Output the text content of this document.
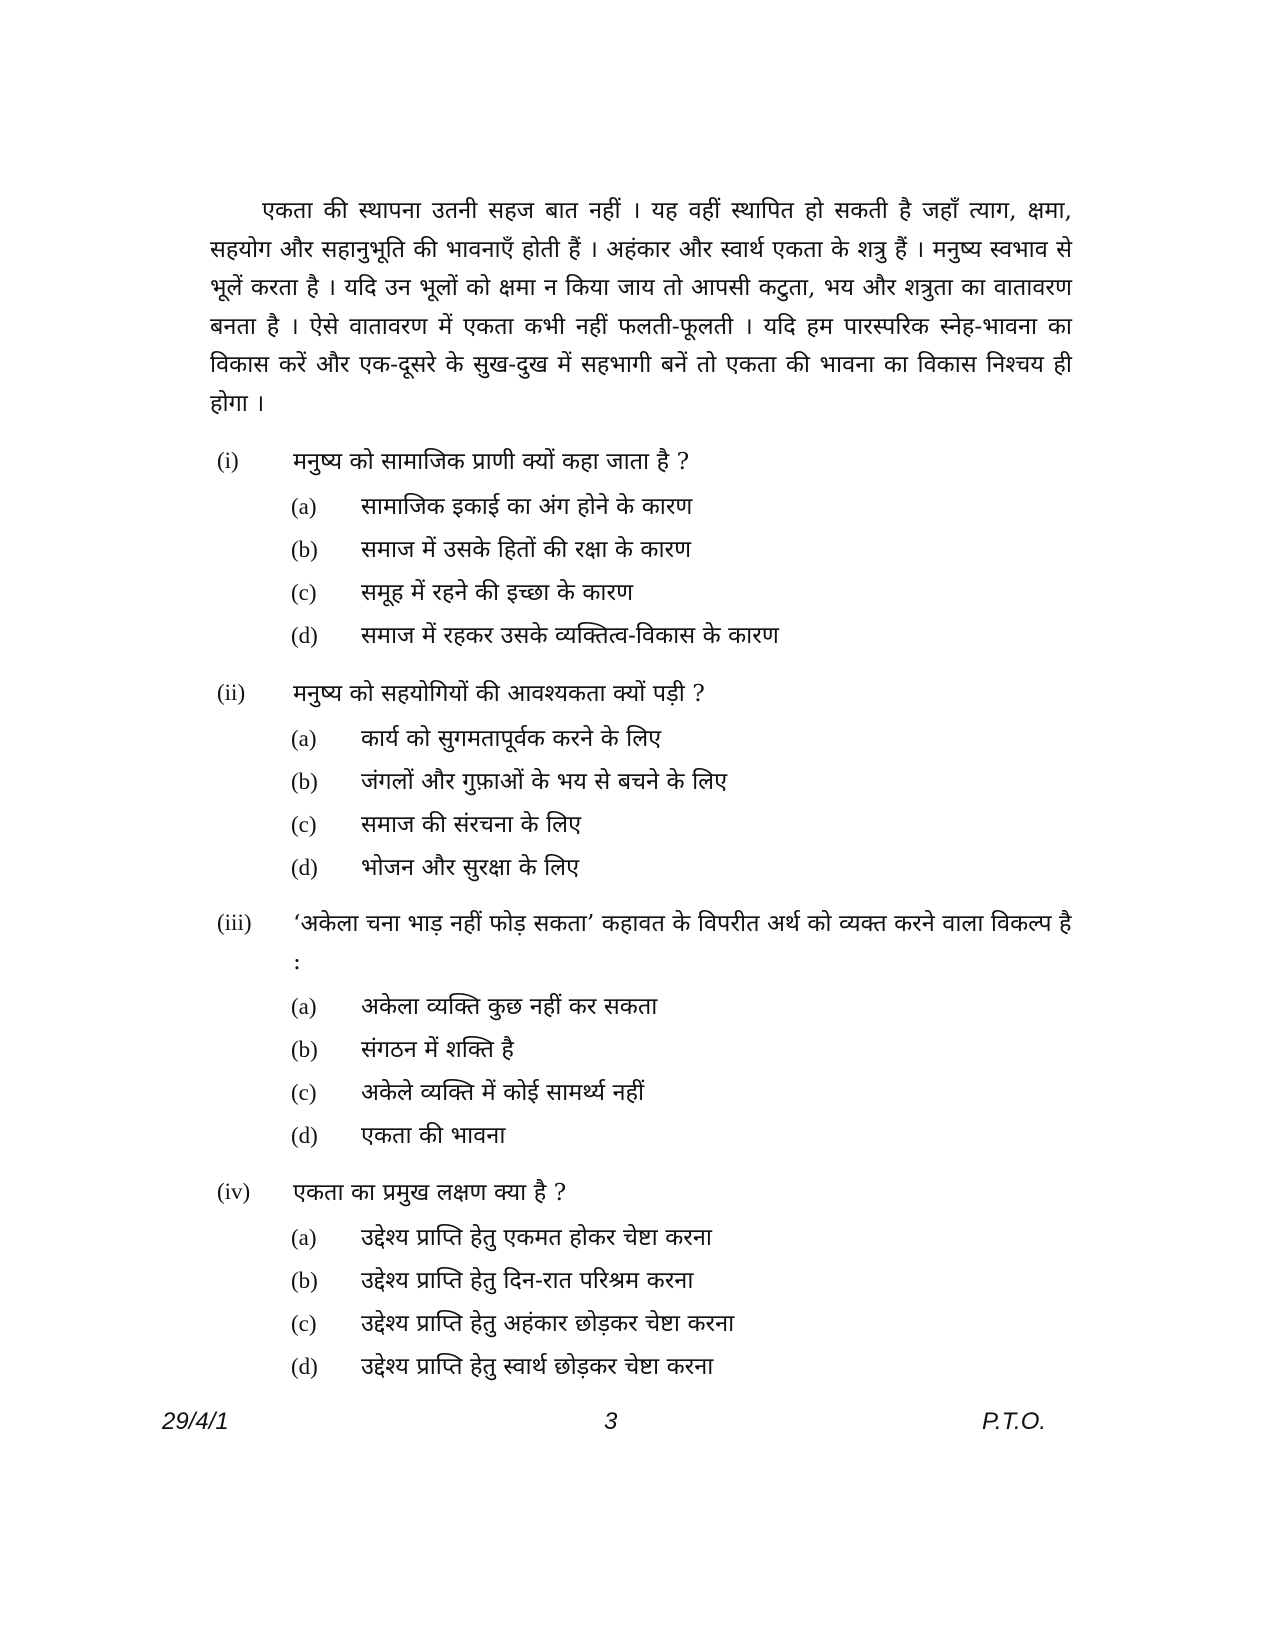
एकता की स्थापना उतनी सहज बात नहीं । यह वहीं स्थापित हो सकती है जहाँ त्याग, क्षमा, सहयोग और सहानुभूति की भावनाएँ होती हैं । अहंकार और स्वार्थ एकता के शत्रु हैं । मनुष्य स्वभाव से भूलें करता है । यदि उन भूलों को क्षमा न किया जाय तो आपसी कटुता, भय और शत्रुता का वातावरण बनता है । ऐसे वातावरण में एकता कभी नहीं फलती-फूलती । यदि हम पारस्परिक स्नेह-भावना का विकास करें और एक-दूसरे के सुख-दुख में सहभागी बनें तो एकता की भावना का विकास निश्चय ही होगा ।

(i)	मनुष्य को सामाजिक प्राणी क्यों कहा जाता है ?
(a)	सामाजिक इकाई का अंग होने के कारण
(b)	समाज में उसके हितों की रक्षा के कारण
(c)	समूह में रहने की इच्छा के कारण
(d)	समाज में रहकर उसके व्यक्तित्व-विकास के कारण
(ii)	मनुष्य को सहयोगियों की आवश्यकता क्यों पड़ी ?
(a)	कार्य को सुगमतापूर्वक करने के लिए
(b)	जंगलों और गुफ़ाओं के भय से बचने के लिए
(c)	समाज की संरचना के लिए
(d)	भोजन और सुरक्षा के लिए
(iii)	‘अकेला चना भाड़ नहीं फोड़ सकता’ कहावत के विपरीत अर्थ को व्यक्त करने वाला विकल्प है :
(a)	अकेला व्यक्ति कुछ नहीं कर सकता
(b)	संगठन में शक्ति है
(c)	अकेले व्यक्ति में कोई सामर्थ्य नहीं
(d)	एकता की भावना
(iv)	एकता का प्रमुख लक्षण क्या है ?
(a)	उद्देश्य प्राप्ति हेतु एकमत होकर चेष्टा करना
(b)	उद्देश्य प्राप्ति हेतु दिन-रात परिश्रम करना
(c)	उद्देश्य प्राप्ति हेतु अहंकार छोड़कर चेष्टा करना
(d)	उद्देश्य प्राप्ति हेतु स्वार्थ छोड़कर चेष्टा करना
29/4/1	3	P.T.O.
